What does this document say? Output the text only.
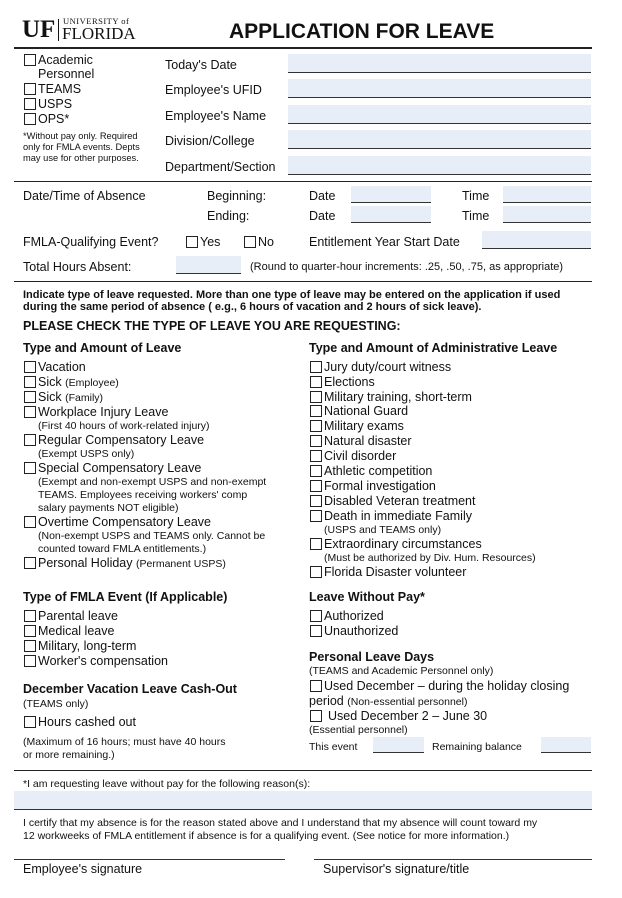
UF UNIVERSITY of
FLORIDA	APPLICATION FOR LEAVE
Academic Personnel
TEAMS
USPS
OPS*
*Without pay only. Required only for FMLA events. Depts may use for other purposes.
Today's Date
Employee's UFID
Employee's Name
Division/College
Department/Section
Date/Time of Absence	Beginning:	Date	Time
Ending:	Date	Time
FMLA-Qualifying Event?	Yes	No	Entitlement Year Start Date
Total Hours Absent:	(Round to quarter-hour increments: .25, .50, .75, as appropriate)
Indicate type of leave requested. More than one type of leave may be entered on the application if used
during the same period of absence ( e.g., 6 hours of vacation and 2 hours of sick leave).
PLEASE CHECK THE TYPE OF LEAVE YOU ARE REQUESTING:
Type and Amount of Leave
Vacation
Sick (Employee)
Sick (Family)
Workplace Injury Leave
(First 40 hours of work-related injury)
Regular Compensatory Leave
(Exempt USPS only)
Special Compensatory Leave
(Exempt and non-exempt USPS and non-exempt
TEAMS. Employees receiving workers' comp
salary payments NOT eligible)
Overtime Compensatory Leave
(Non-exempt USPS and TEAMS only. Cannot be
counted toward FMLA entitlements.)
Personal Holiday (Permanent USPS)
Type and Amount of Administrative Leave
Jury duty/court witness
Elections
Military training, short-term
National Guard
Military exams
Natural disaster
Civil disorder
Athletic competition
Formal investigation
Disabled Veteran treatment
Death in immediate Family
(USPS and TEAMS only)
Extraordinary circumstances
(Must be authorized by Div. Hum. Resources)
Florida Disaster volunteer
Type of FMLA Event (If Applicable)
Parental leave
Medical leave
Military, long-term
Worker's compensation
Leave Without Pay*
Authorized
Unauthorized
December Vacation Leave Cash-Out
(TEAMS only)
Hours cashed out
(Maximum of 16 hours; must have 40 hours
or more remaining.)
Personal Leave Days
(TEAMS and Academic Personnel only)
Used December – during the holiday closing
period (Non-essential personnel)
Used December 2 – June 30
(Essential personnel)
This event	Remaining balance
*I am requesting leave without pay for the following reason(s):
I certify that my absence is for the reason stated above and I understand that my absence will count toward my
12 workweeks of FMLA entitlement if absence is for a qualifying event. (See notice for more information.)
Employee's signature	Supervisor's signature/title
